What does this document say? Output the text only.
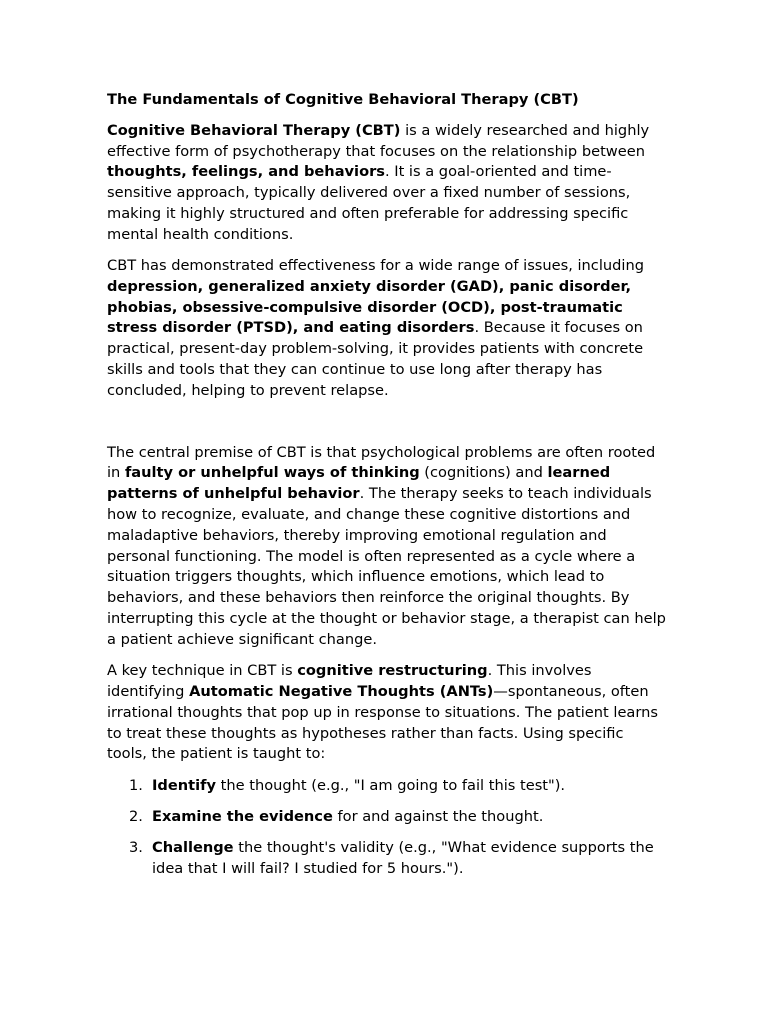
The Fundamentals of Cognitive Behavioral Therapy (CBT)

Cognitive Behavioral Therapy (CBT) is a widely researched and highly effective form of psychotherapy that focuses on the relationship between thoughts, feelings, and behaviors. It is a goal-oriented and time-sensitive approach, typically delivered over a fixed number of sessions, making it highly structured and often preferable for addressing specific mental health conditions.

CBT has demonstrated effectiveness for a wide range of issues, including depression, generalized anxiety disorder (GAD), panic disorder, phobias, obsessive-compulsive disorder (OCD), post-traumatic stress disorder (PTSD), and eating disorders. Because it focuses on practical, present-day problem-solving, it provides patients with concrete skills and tools that they can continue to use long after therapy has concluded, helping to prevent relapse.

The central premise of CBT is that psychological problems are often rooted in faulty or unhelpful ways of thinking (cognitions) and learned patterns of unhelpful behavior. The therapy seeks to teach individuals how to recognize, evaluate, and change these cognitive distortions and maladaptive behaviors, thereby improving emotional regulation and personal functioning. The model is often represented as a cycle where a situation triggers thoughts, which influence emotions, which lead to behaviors, and these behaviors then reinforce the original thoughts. By interrupting this cycle at the thought or behavior stage, a therapist can help a patient achieve significant change.

A key technique in CBT is cognitive restructuring. This involves identifying Automatic Negative Thoughts (ANTs)—spontaneous, often irrational thoughts that pop up in response to situations. The patient learns to treat these thoughts as hypotheses rather than facts. Using specific tools, the patient is taught to:

1. Identify the thought (e.g., "I am going to fail this test").
2. Examine the evidence for and against the thought.
3. Challenge the thought's validity (e.g., "What evidence supports the idea that I will fail? I studied for 5 hours.").
